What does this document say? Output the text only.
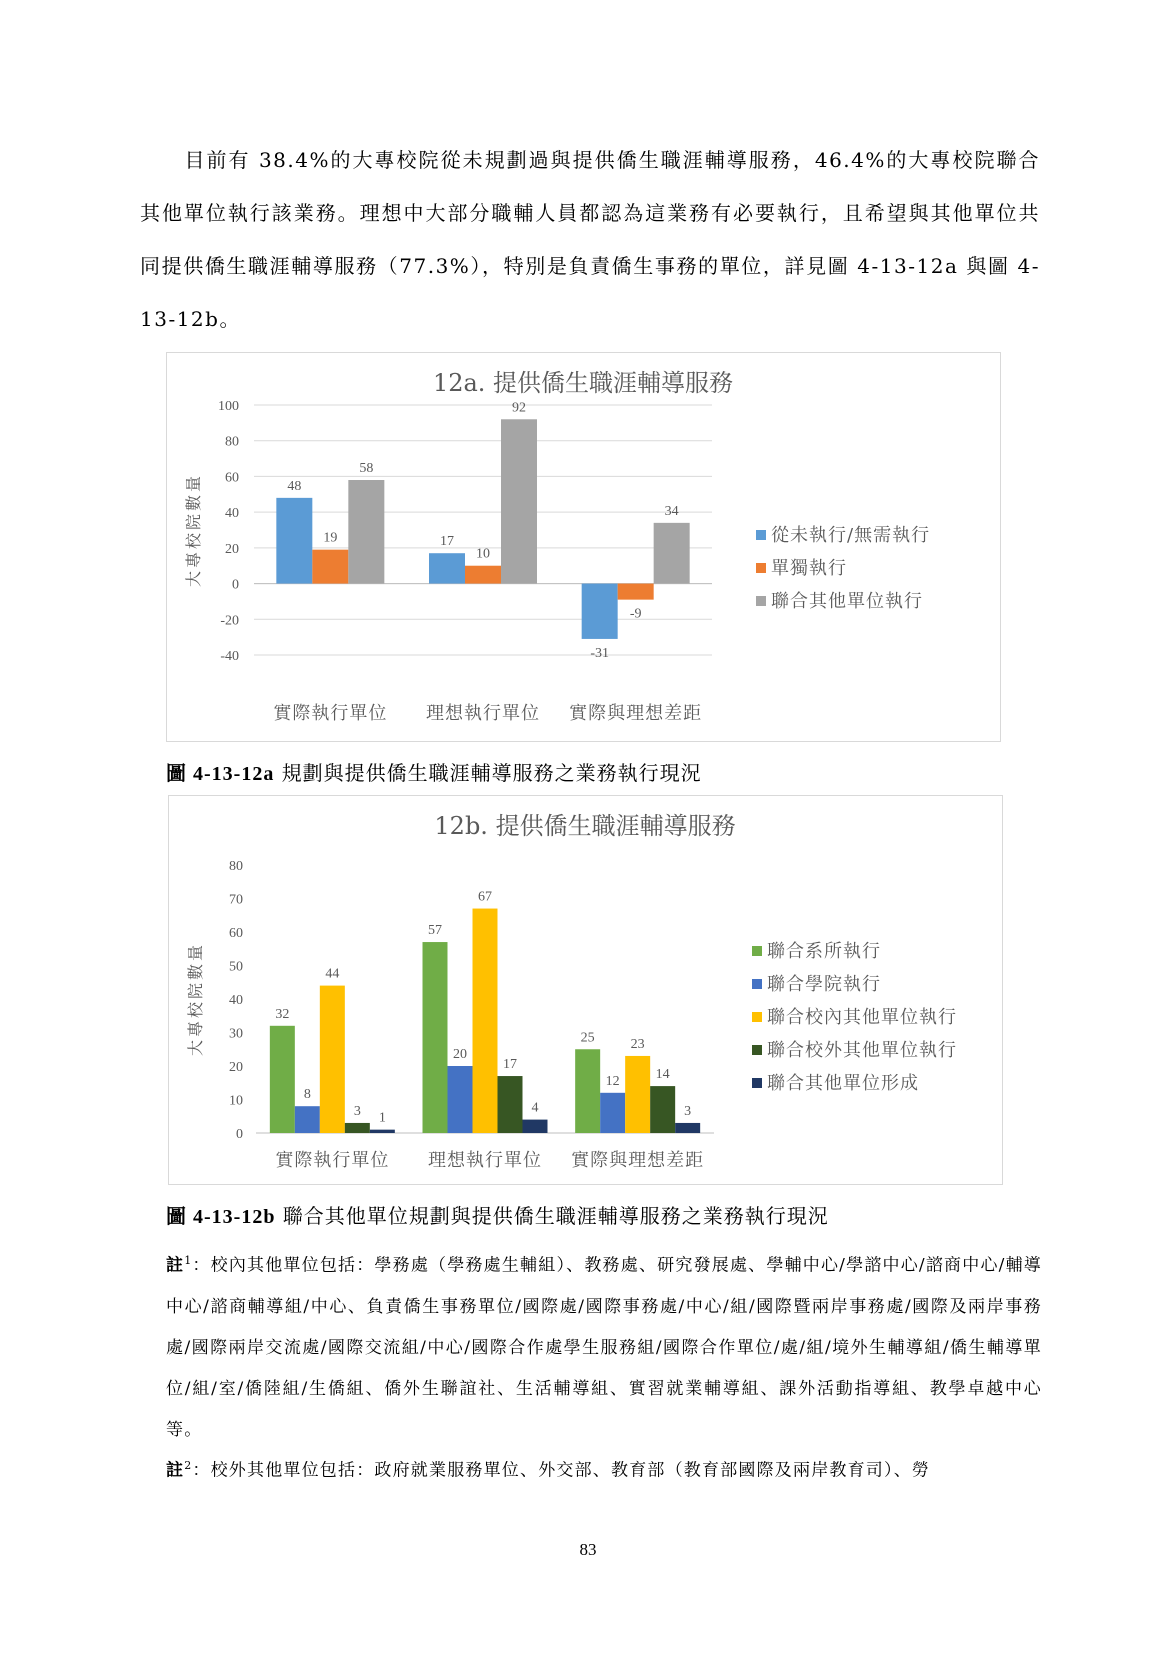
目前有 38.4%的大專校院從未規劃過與提供僑生職涯輔導服務，46.4%的大專校院聯合其他單位執行該業務。理想中大部分職輔人員都認為這業務有必要執行，且希望與其他單位共同提供僑生職涯輔導服務（77.3%），特別是負責僑生事務的單位，詳見圖 4-13-12a 與圖 4-13-12b。

12a. 提供僑生職涯輔導服務
大專校院數量
100
80
60
40
20
0
-20
-40
48
19
58
實際執行單位
17
10
92
理想執行單位
-31
-9
34
實際與理想差距
從未執行/無需執行
單獨執行
聯合其他單位執行
圖 4-13-12a 規劃與提供僑生職涯輔導服務之業務執行現況
12b. 提供僑生職涯輔導服務
大專校院數量
80
70
60
50
40
30
20
10
0
32
8
44
3 1
實際執行單位
57
20
67
17
4
理想執行單位
25
12
23
14
3
實際與理想差距
聯合系所執行
聯合學院執行
聯合校內其他單位執行
聯合校外其他單位執行
聯合其他單位形成
圖 4-13-12b 聯合其他單位規劃與提供僑生職涯輔導服務之業務執行現況

註$^1$：校內其他單位包括：學務處（學務處生輔組）、教務處、研究發展處、學輔中心/學諮中心/諮商中心/輔導中心/諮商輔導組/中心、負責僑生事務單位/國際處/國際事務處/中心/組/國際暨兩岸事務處/國際及兩岸事務處/國際兩岸交流處/國際交流組/中心/國際合作處學生服務組/國際合作單位/處/組/境外生輔導組/僑生輔導單位/組/室/僑陸組/生僑組、僑外生聯誼社、生活輔導組、實習就業輔導組、課外活動指導組、教學卓越中心等。

註$^2$：校外其他單位包括：政府就業服務單位、外交部、教育部（教育部國際及兩岸教育司）、勞

83
